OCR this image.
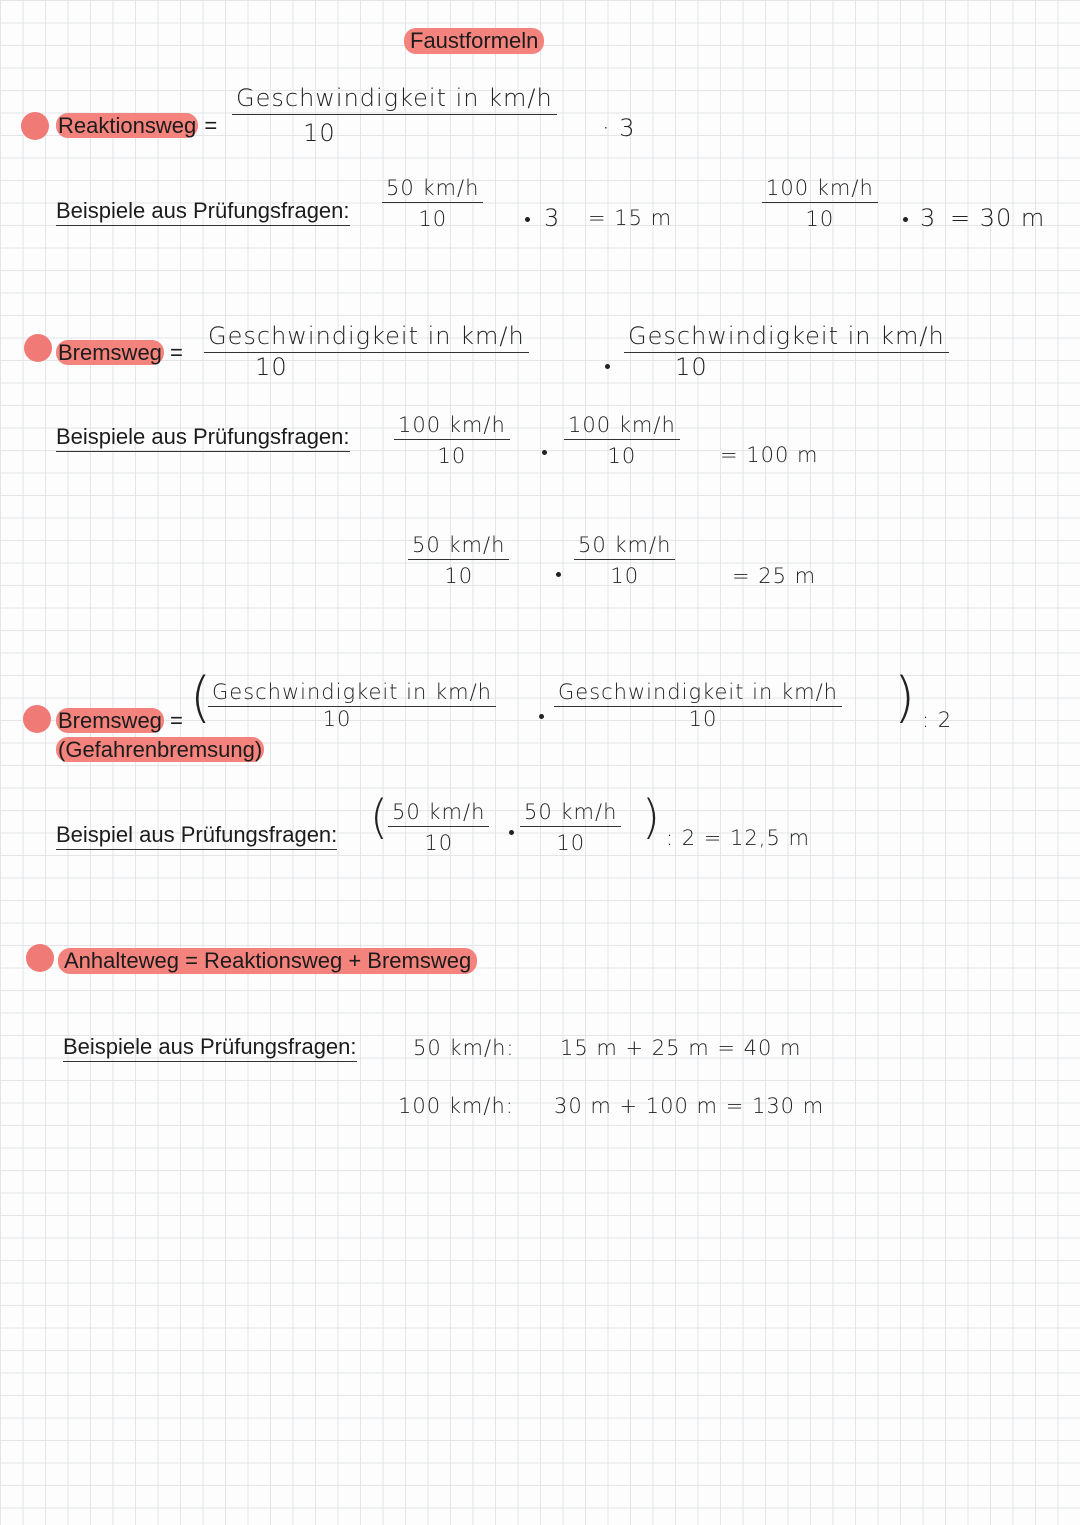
Faustformeln
Reaktionsweg =
Geschwindigkeit in km/h
10	· 3
Beispiele aus Prüfungsfragen: $\frac{50 km/h}{10}$	3 = 15 m	$\frac{100 km/h}{10} 3 = 30$ m
Bremsweg =
Geschwindigkeit in km/h
10
Geschwindigkeit in km/h
10
Beispiele aus Prüfungsfragen: $\frac{100 km/h}{10}$	$\frac{100 km/h}{10} = 100$ m
$\frac{50 km/h}{10}$	$\frac{50 km/h}{10}$	= 25 m
Bremsweg =
(Gefahrenbremsung)
( Geschwindigkeit in km/h
10
Geschwindigkeit in km/h
10	) : 2
Beispiel aus Prüfungsfragen: ( $\frac{50 km/h}{10} \frac{50 km/h}{10}$ ) : 2 = 12,5 m
Anhalteweg = Reaktionsweg + Bremsweg
Beispiele aus Prüfungsfragen:	50 km/h: 15 m + 25 m = 40 m
100 km/h: 30 m + 100 m = 130 m
